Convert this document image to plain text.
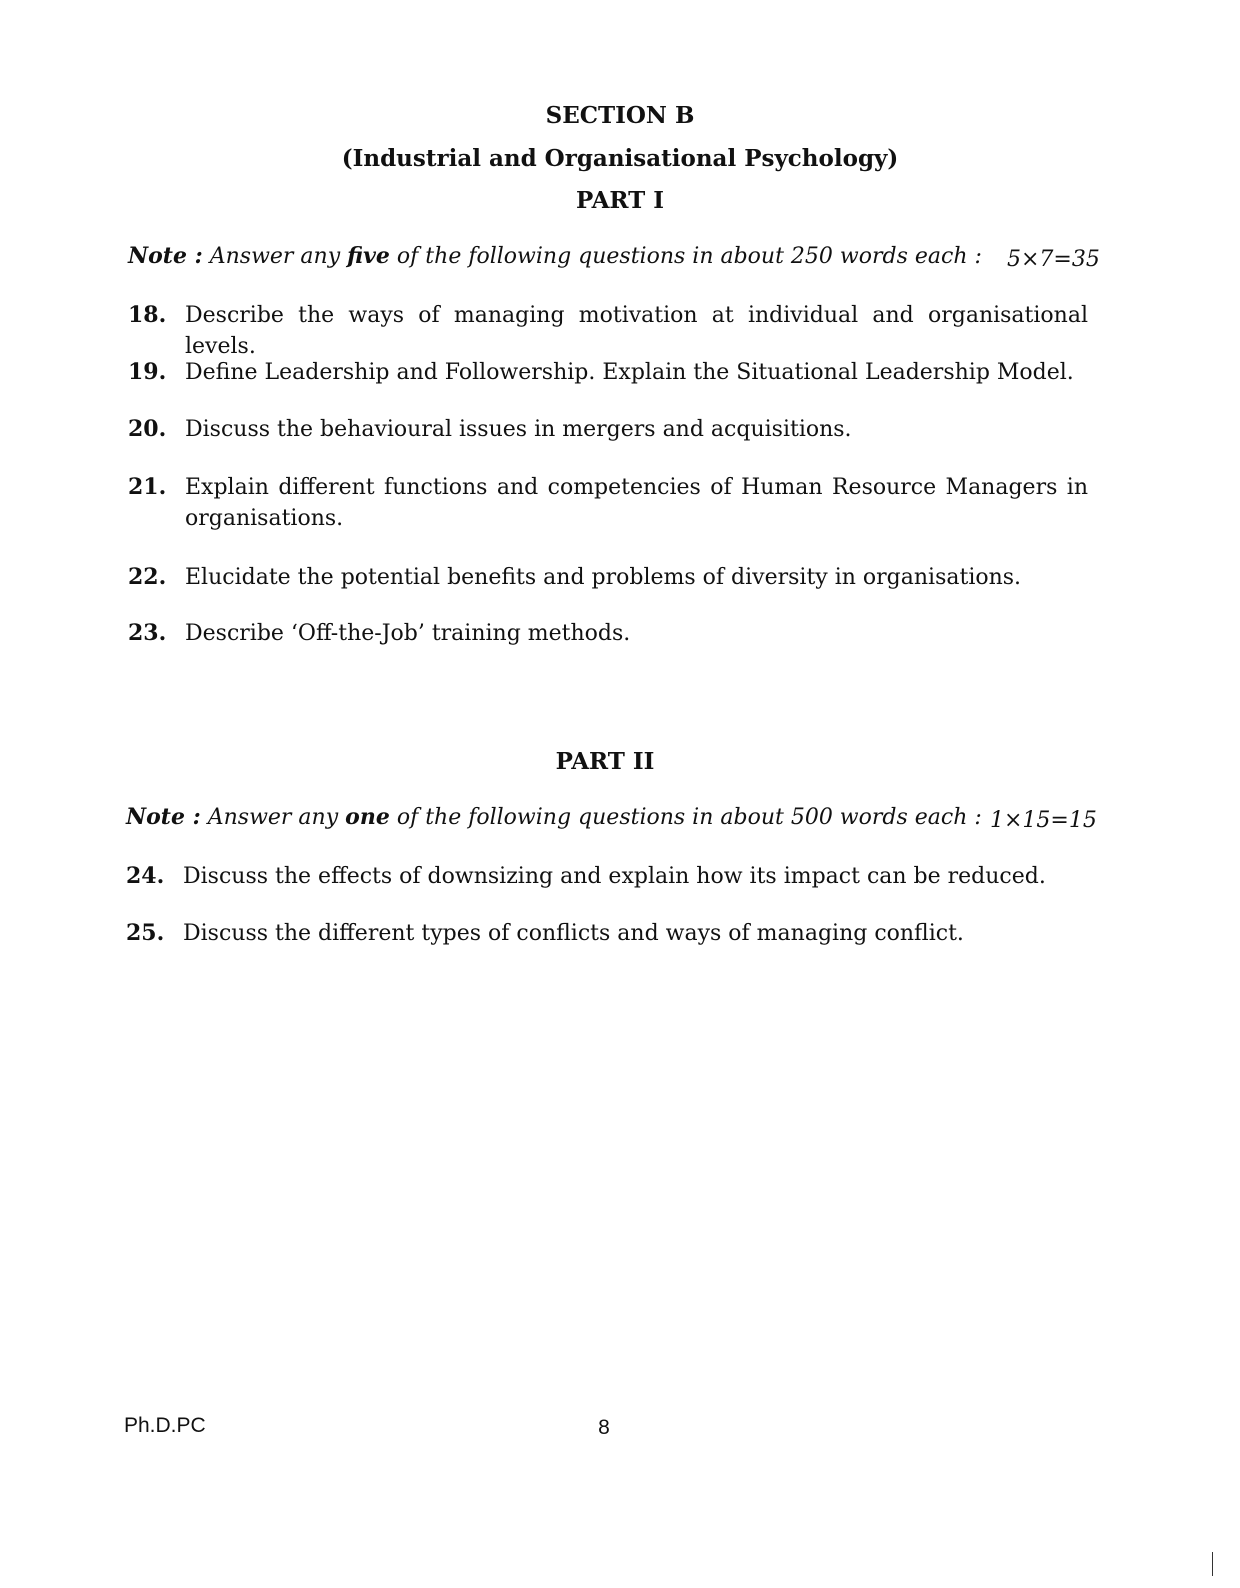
SECTION B
(Industrial and Organisational Psychology)
PART I

Note : Answer any five of the following questions in about 250 words each : 5×7=35
18. Describe the ways of managing motivation at individual and organisational levels.
19. Define Leadership and Followership. Explain the Situational Leadership Model.
20. Discuss the behavioural issues in mergers and acquisitions.
21. Explain different functions and competencies of Human Resource Managers in organisations.
22. Elucidate the potential benefits and problems of diversity in organisations.
23. Describe ‘Off-the-Job’ training methods.
PART II

Note : Answer any one of the following questions in about 500 words each : 1×15=15
24. Discuss the effects of downsizing and explain how its impact can be reduced.
25. Discuss the different types of conflicts and ways of managing conflict.
Ph.D.PC	8
